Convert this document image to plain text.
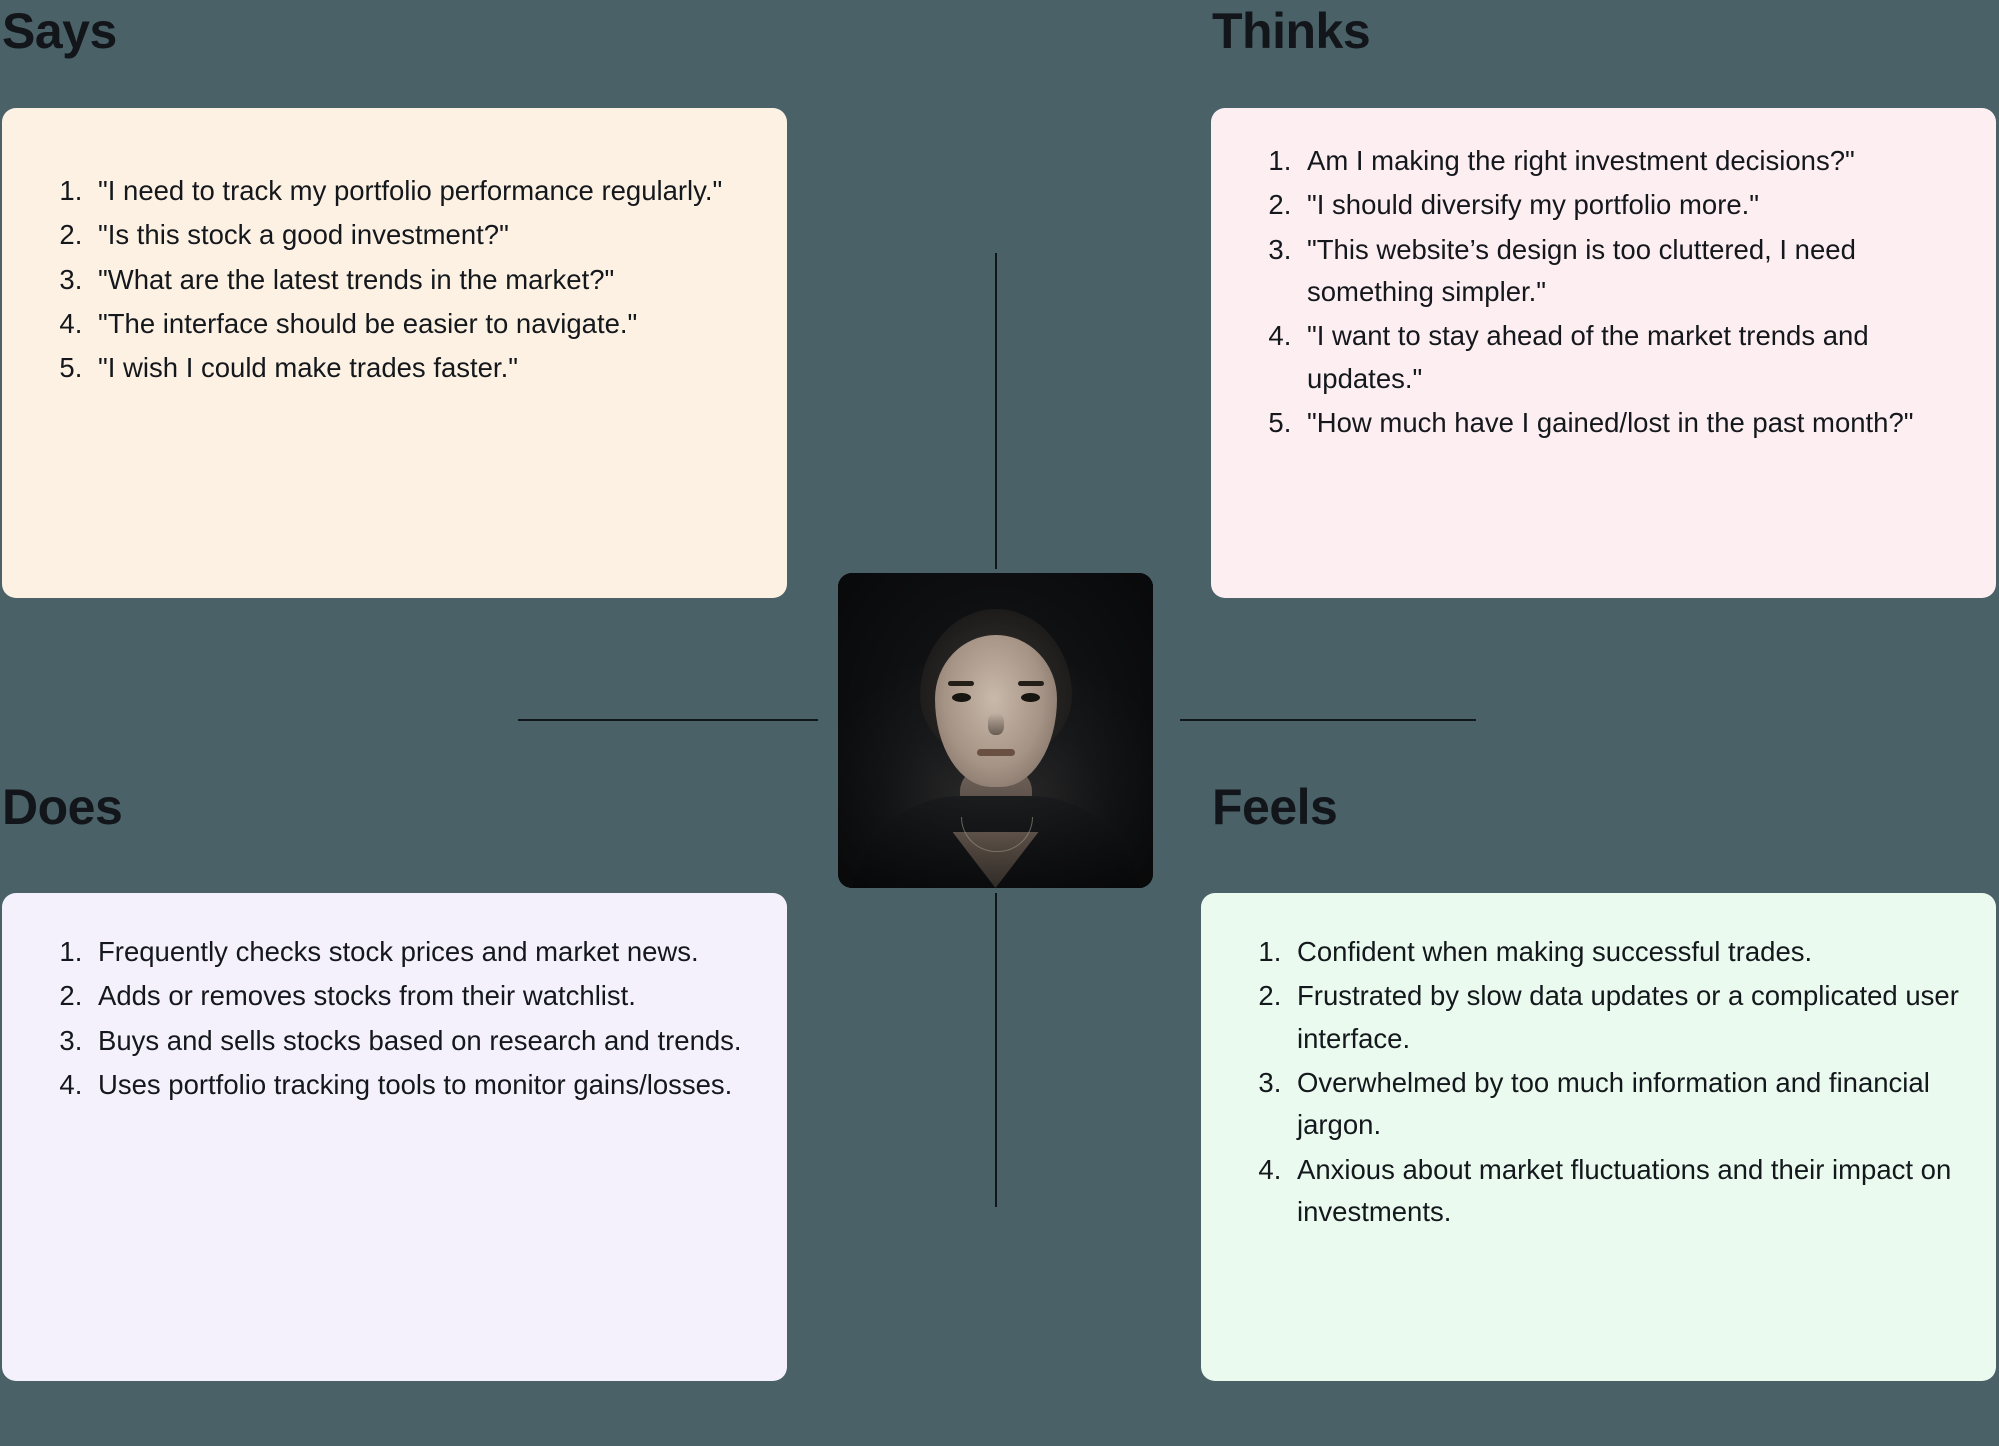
Says	Thinks
Does	Feels
1. "I need to track my portfolio performance regularly."
2. "Is this stock a good investment?"
3. "What are the latest trends in the market?"
4. "The interface should be easier to navigate."
5. "I wish I could make trades faster."
1. Am I making the right investment decisions?"
2. "I should diversify my portfolio more."
3. "This website’s design is too cluttered, I need something simpler."
4. "I want to stay ahead of the market trends and updates."
5. "How much have I gained/lost in the past month?"
1. Frequently checks stock prices and market news.
2. Adds or removes stocks from their watchlist.
3. Buys and sells stocks based on research and trends.
4. Uses portfolio tracking tools to monitor gains/losses.
1. Confident when making successful trades.
2. Frustrated by slow data updates or a complicated user interface.
3. Overwhelmed by too much information and financial jargon.
4. Anxious about market fluctuations and their impact on investments.
